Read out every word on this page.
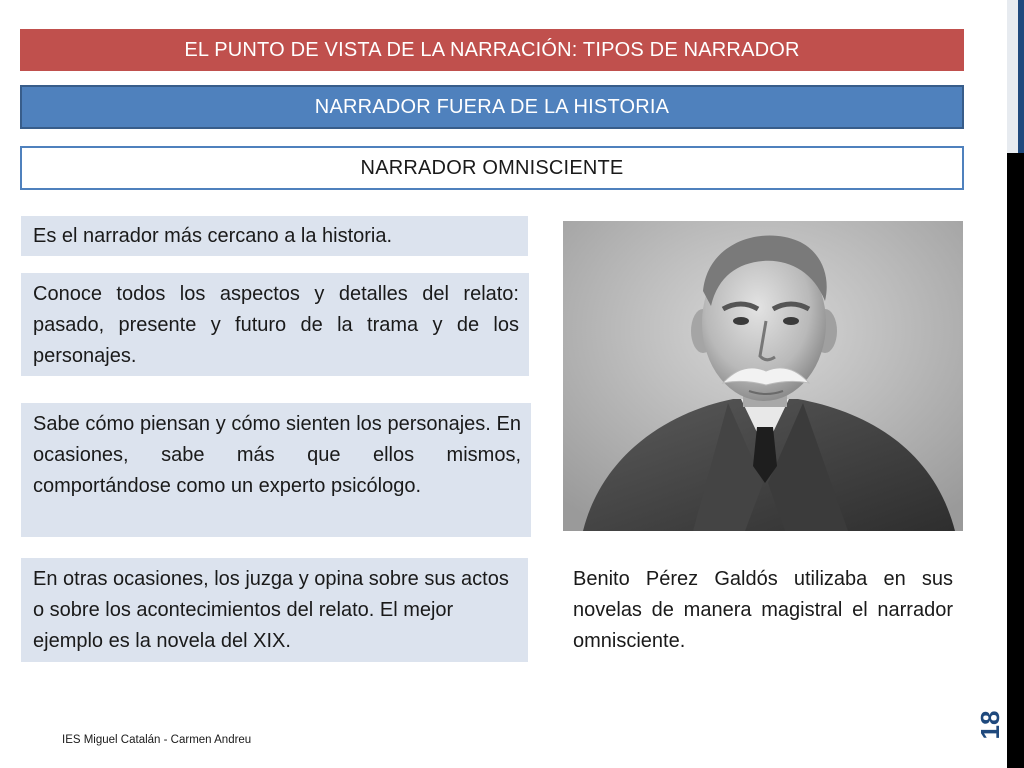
EL PUNTO DE VISTA DE LA NARRACIÓN: TIPOS DE NARRADOR
NARRADOR FUERA DE LA HISTORIA
NARRADOR OMNISCIENTE
Es el narrador más cercano a la historia.
Conoce todos los aspectos y detalles del relato: pasado, presente y futuro de la trama y de los personajes.
Sabe cómo piensan y cómo sienten los personajes. En ocasiones, sabe más que ellos mismos, comportándose como un experto psicólogo.
En otras ocasiones, los juzga y opina sobre sus actos o sobre los acontecimientos del relato. El mejor ejemplo es la novela del XIX.
Benito Pérez Galdós utilizaba en sus novelas de manera magistral el narrador omnisciente.
IES Miguel Catalán - Carmen Andreu
18
